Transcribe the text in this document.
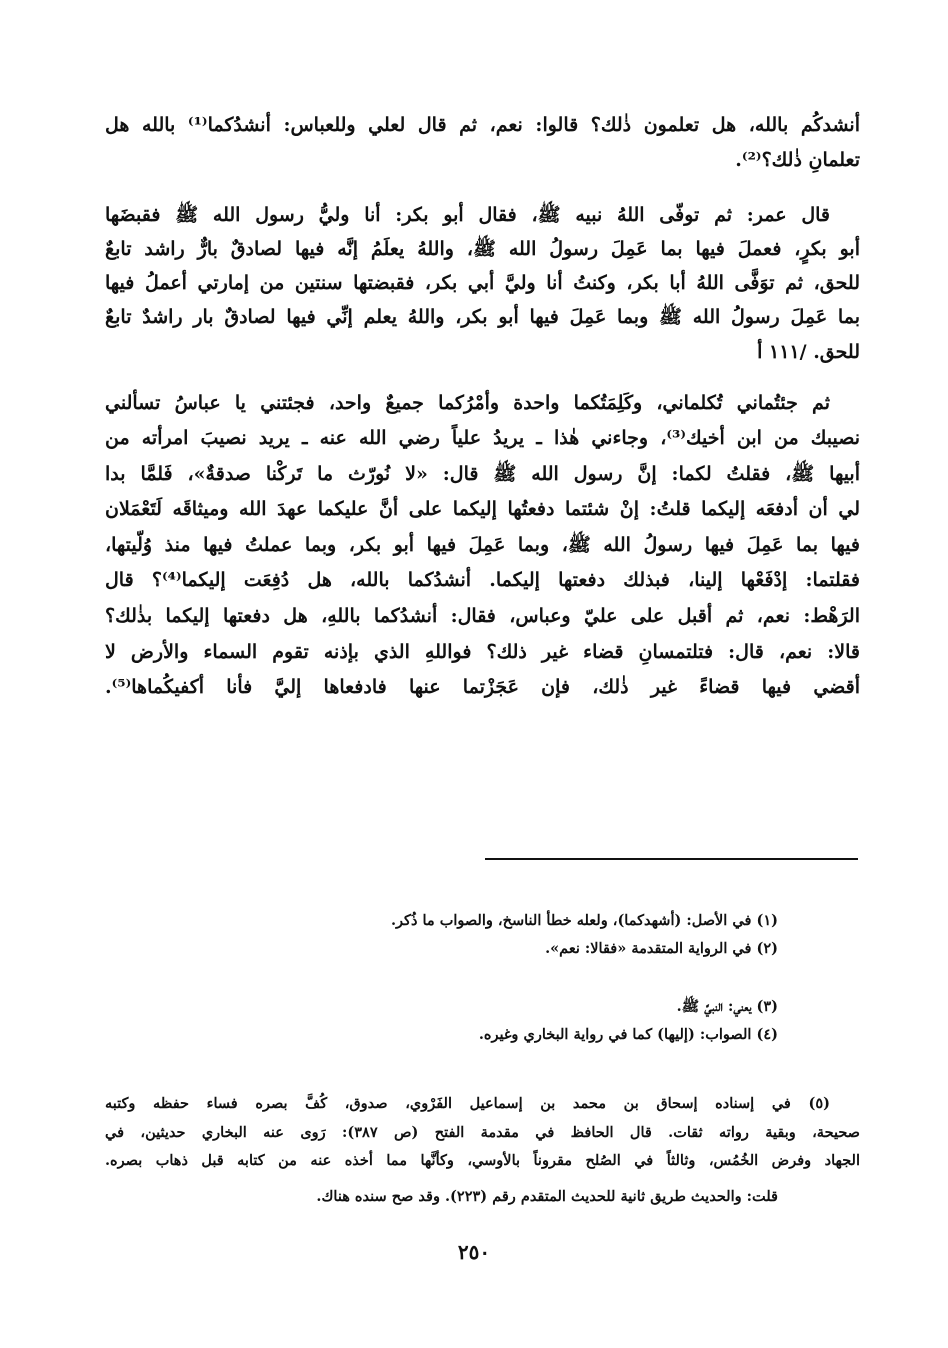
أنشدكُم بالله، هل تعلمون ذٰلك؟ قالوا: نعم، ثم قال لعلي وللعباس: أنشدُكما⁽¹⁾ بالله هل
تعلمانِ ذٰلك؟⁽²⁾.
قال عمر: ثم توفّى اللهُ نبيه ﷺ، فقال أبو بكر: أنا وليُّ رسول الله ﷺ فقبضَها
أبو بكرٍ، فعملَ فيها بما عَمِلَ رسولُ الله ﷺ، واللهُ يعلَمُ إنَّه فيها لصادقٌ بارٌّ راشد تابعٌ
للحق، ثم توَفَّى اللهُ أبا بكر، وكنتُ أنا وليَّ أبي بكر، فقبضتها سنتين من إمارتي أعملُ فيها
بما عَمِلَ رسولُ الله ﷺ وبما عَمِلَ فيها أبو بكر، واللهُ يعلم إنِّي فيها لصادقٌ بار راشدٌ تابعٌ
للحق. /١١١ أ
ثم جئتُماني تُكلماني، وكَلِمَتُكما واحدة وأمْرُكما جميعٌ واحد، فجئتني يا عباسُ تسألني
نصيبك من ابن أخيك⁽³⁾، وجاءني هٰذا ـ يريدُ علياً رضي الله عنه ـ يريد نصيبَ امرأته من
أبيها ﷺ، فقلتُ لكما: إنَّ رسول الله ﷺ قال: «لا نُورّث ما تَركْنا صدقةٌ»، فَلمَّا بدا
لي أن أدفعَه إليكما قلتُ: إنْ شئتما دفعتُها إليكما على أنَّ عليكما عهدَ الله وميثاقَه لَتَعْمَلان
فيها بما عَمِلَ فيها رسولُ الله ﷺ، وبما عَمِلَ فيها أبو بكر، وبما عملتُ فيها منذ وُلّيتها،
فقلتما: إدْفَعْها إلينا، فبذلك دفعتها إليكما. أنشدُكما بالله، هل دُفِعَت إليكما⁽⁴⁾؟ قال
الرَهْط: نعم، ثم أقبل على عليّ وعباس، فقال: أنشدُكما باللهِ، هل دفعتها إليكما بذٰلك؟
قالا: نعم، قال: فتلتمسانِ قضاء غير ذلك؟ فواللهِ الذي بإذنه تقوم السماء والأرض لا
أقضي فيها قضاءً غير ذٰلك، فإن عَجَزْتما عنها فادفعاها إليَّ فأنا أكفيكُماها⁽⁵⁾.
(١) في الأصل: (أشهدكما)، ولعله خطأ الناسخ، والصواب ما ذُكر.
(٢) في الرواية المتقدمة «فقالا: نعم».
(٣) يعني: النبيَّ ﷺ.
(٤) الصواب: (إليها) كما في رواية البخاري وغيره.
(٥) في إسناده إسحاق بن محمد بن إسماعيل الفَرْوي، صدوق، كُفَّ بصره فساء حفظه وكتبه
صحيحة، وبقية رواته ثقات. قال الحافظ في مقدمة الفتح (ص ٣٨٧): رَوى عنه البخاري حديثين، في
الجهاد وفرض الخُمُس، وثالثاً في الصُلح مقروناً بالأوسي، وكأنَّها مما أخذه عنه من كتابه قبل ذهاب بصره.
قلت: والحديث طريق ثانية للحديث المتقدم رقم (٢٢٣). وقد صح سنده هناك.
٢٥٠
